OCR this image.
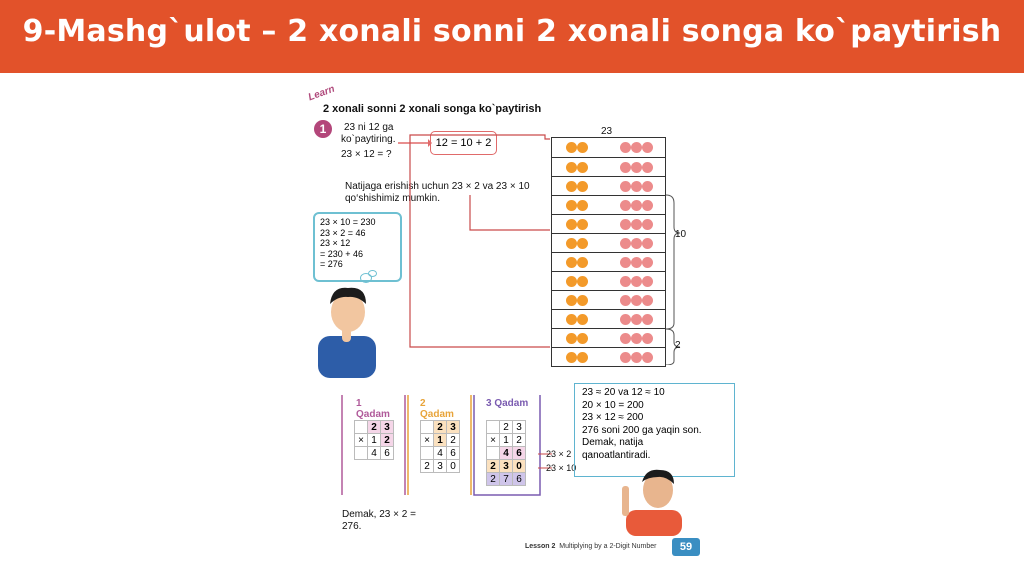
9-Mashg`ulot – 2 xonali sonni 2 xonali songa ko`paytirish
Learn
2 xonali sonni 2 xonali songa ko`paytirish
1	23 ni 12 ga
ko`paytiring.
23 × 12 = ?
12 = 10 + 2
Natijaga erishish uchun 23 × 2 va 23 × 10 qo‘shishimiz mumkin.
23 × 10 = 230
23 × 2 = 46
23 × 12
= 230 + 46
= 276
23
10
2
1 Qadam
2 Qadam
3 Qadam
	2	3
×	1	2
	4	6
	2	3
×	1	2
	4	6
2	3	0
	2	3
×	1	2
	4	6
2	3	0
2	7	6
23 × 2
23 × 10
23 ≈ 20 va 12 ≈ 10
20 × 10 = 200
23 × 12 ≈ 200
276 soni 200 ga yaqin son.
Demak, natija
qanoatlantiradi.
Demak, 23 × 2 = 276.
Lesson 2 Multiplying by a 2-Digit Number	59
